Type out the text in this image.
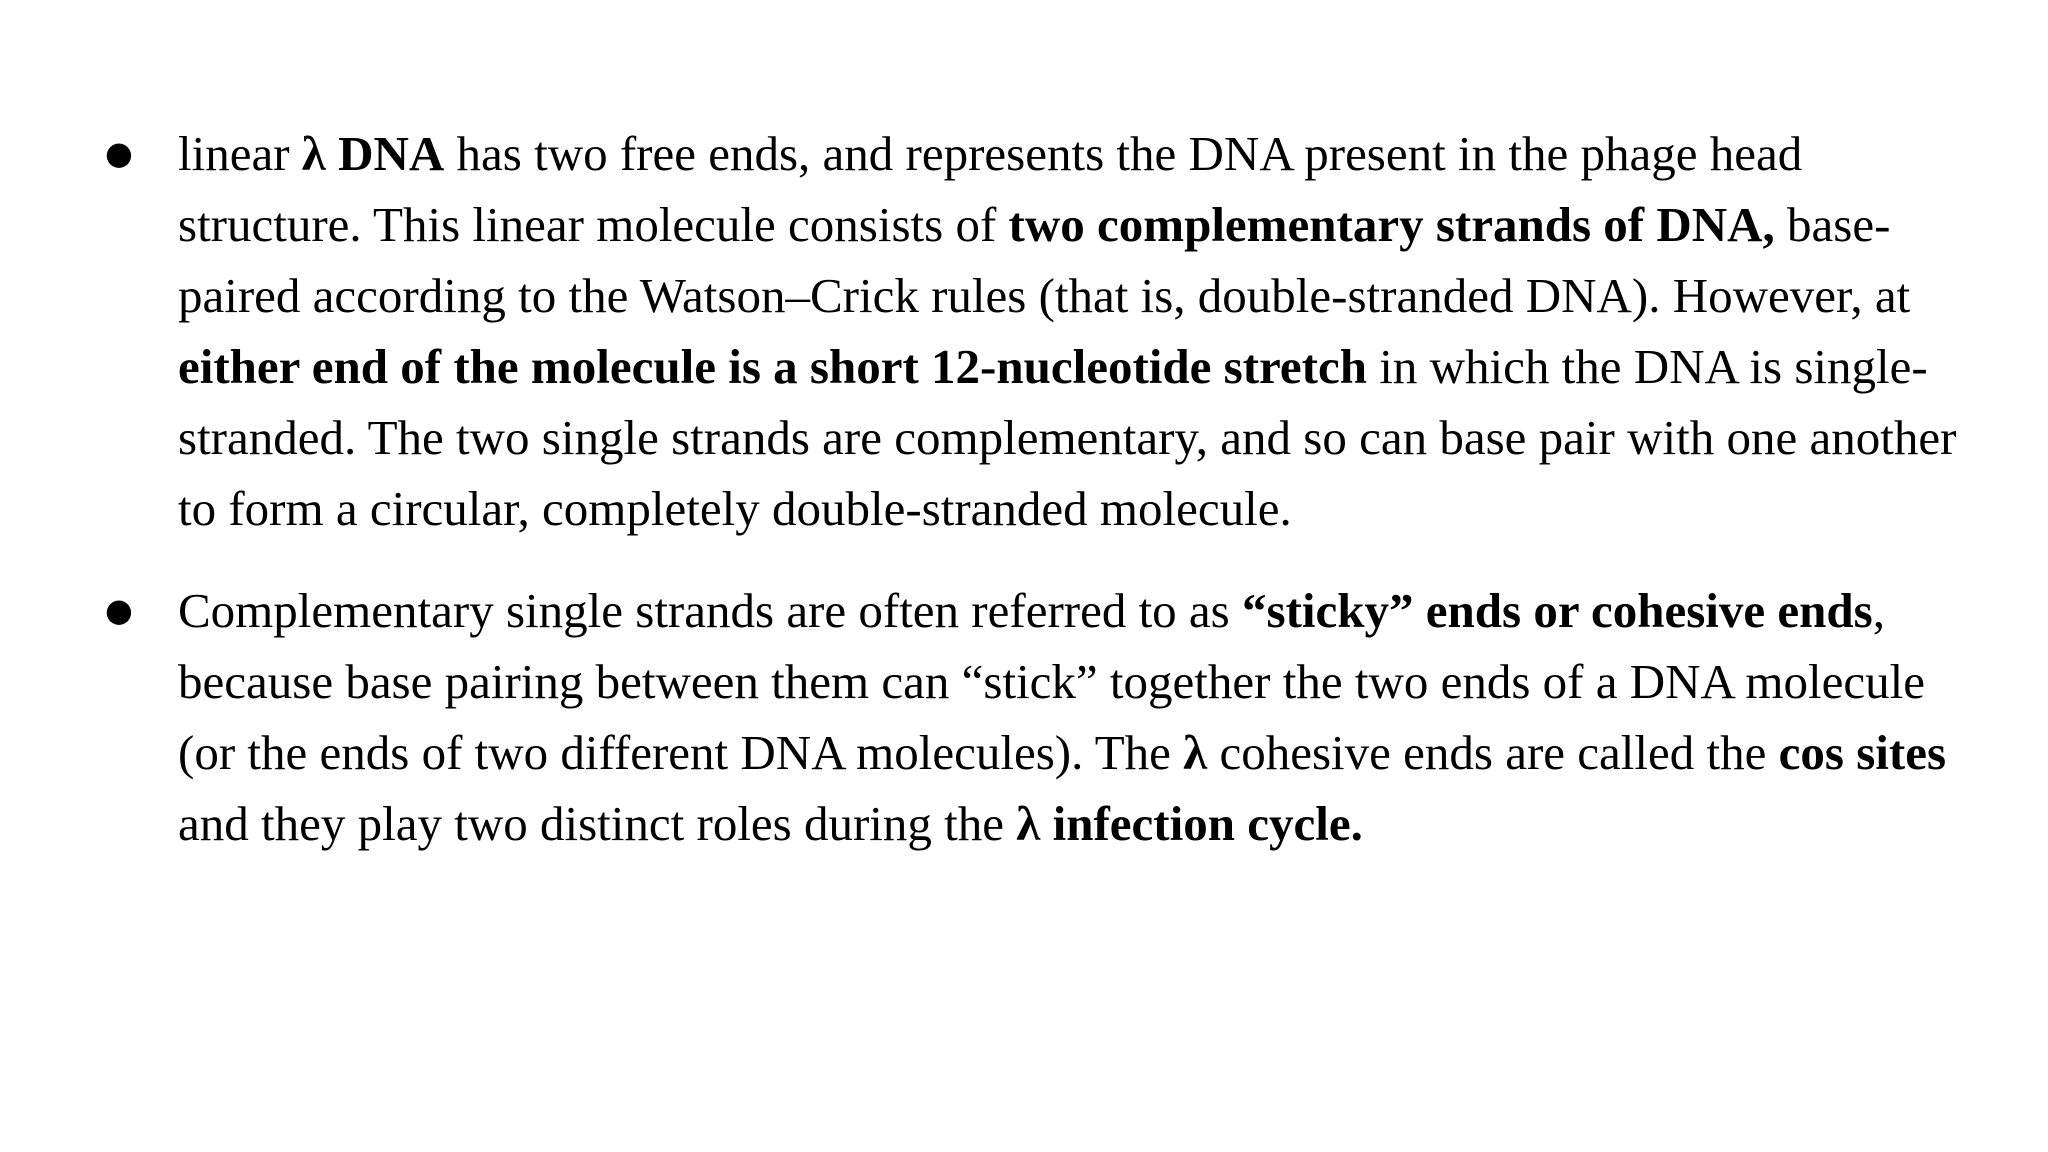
● linear λ DNA has two free ends, and represents the DNA present in the phage head structure. This linear molecule consists of two complementary strands of DNA, base-paired according to the Watson–Crick rules (that is, double-stranded DNA). However, at either end of the molecule is a short 12-nucleotide stretch in which the DNA is single-stranded. The two single strands are complementary, and so can base pair with one another to form a circular, completely double-stranded molecule.
● Complementary single strands are often referred to as “sticky” ends or cohesive ends, because base pairing between them can “stick” together the two ends of a DNA molecule (or the ends of two different DNA molecules). The λ cohesive ends are called the cos sites and they play two distinct roles during the λ infection cycle.
